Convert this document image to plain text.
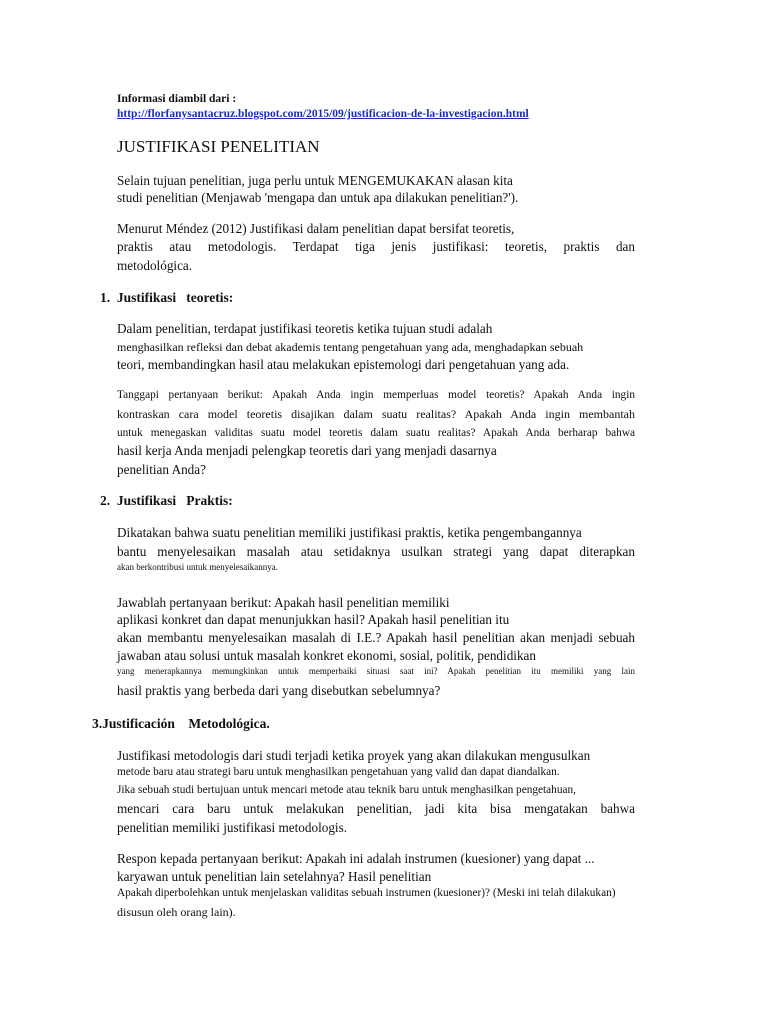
Informasi diambil dari :
http://florfanysantacruz.blogspot.com/2015/09/justificacion-de-la-investigacion.html
JUSTIFIKASI PENELITIAN
Selain tujuan penelitian, juga perlu untuk MENGEMUKAKAN alasan kita
studi penelitian (Menjawab 'mengapa dan untuk apa dilakukan penelitian?').
Menurut Méndez (2012) Justifikasi dalam penelitian dapat bersifat teoretis,
praktis atau metodologis. Terdapat tiga jenis justifikasi: teoretis, praktis dan
metodológica.
1.  Justifikasi   teoretis:
Dalam penelitian, terdapat justifikasi teoretis ketika tujuan studi adalah
menghasilkan refleksi dan debat akademis tentang pengetahuan yang ada, menghadapkan sebuah
teori, membandingkan hasil atau melakukan epistemologi dari pengetahuan yang ada.
Tanggapi pertanyaan berikut: Apakah Anda ingin memperluas model teoretis? Apakah Anda ingin
kontraskan cara model teoretis disajikan dalam suatu realitas? Apakah Anda ingin membantah
untuk menegaskan validitas suatu model teoretis dalam suatu realitas? Apakah Anda berharap bahwa
hasil kerja Anda menjadi pelengkap teoretis dari yang menjadi dasarnya
penelitian Anda?
2.  Justifikasi   Praktis:
Dikatakan bahwa suatu penelitian memiliki justifikasi praktis, ketika pengembangannya
bantu menyelesaikan masalah atau setidaknya usulkan strategi yang dapat diterapkan
akan berkontribusi untuk menyelesaikannya.
Jawablah pertanyaan berikut: Apakah hasil penelitian memiliki
aplikasi konkret dan dapat menunjukkan hasil? Apakah hasil penelitian itu
akan membantu menyelesaikan masalah di I.E.? Apakah hasil penelitian akan menjadi sebuah
jawaban atau solusi untuk masalah konkret ekonomi, sosial, politik, pendidikan
yang menerapkannya memungkinkan untuk memperbaiki situasi saat ini? Apakah penelitian itu memiliki yang lain
hasil praktis yang berbeda dari yang disebutkan sebelumnya?
3.Justificación    Metodológica.
Justifikasi metodologis dari studi terjadi ketika proyek yang akan dilakukan mengusulkan
metode baru atau strategi baru untuk menghasilkan pengetahuan yang valid dan dapat diandalkan.
Jika sebuah studi bertujuan untuk mencari metode atau teknik baru untuk menghasilkan pengetahuan,
mencari cara baru untuk melakukan penelitian, jadi kita bisa mengatakan bahwa
penelitian memiliki justifikasi metodologis.
Respon kepada pertanyaan berikut: Apakah ini adalah instrumen (kuesioner) yang dapat ...
karyawan untuk penelitian lain setelahnya? Hasil penelitian
Apakah diperbolehkan untuk menjelaskan validitas sebuah instrumen (kuesioner)? (Meski ini telah dilakukan)
disusun oleh orang lain).
